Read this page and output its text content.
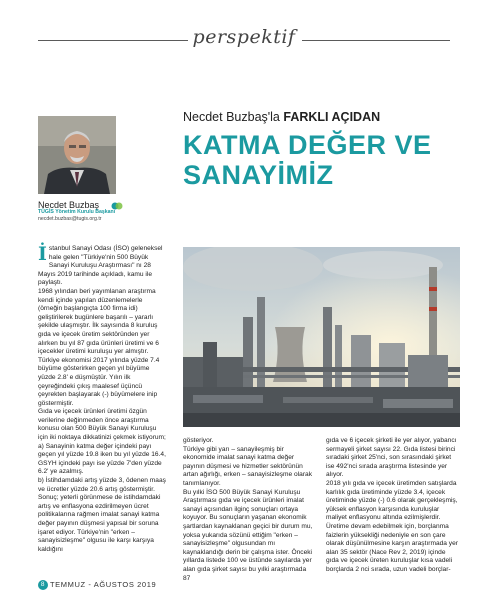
perspektif
Necdet Buzbaş
TÜGİS Yönetim Kurulu Başkanı
necdet.buzbas@tugis.org.tr
Necdet Buzbaş'la FARKLI AÇIDAN
KATMA DEĞER VE
SANAYİMİZ

İstanbul Sanayi Odası (İSO) geleneksel hale gelen "Türkiye'nin 500 Büyük Sanayi Kuruluşu Araştırması" nı 28 Mayıs 2019 tarihinde açıkladı, kamu ile paylaştı.

1968 yılından beri yayımlanan araştırma kendi içinde yapılan düzenlemelerle (örneğin başlangıçta 100 firma idi) geliştirilerek bugünlere başarılı – yararlı şekilde ulaşmıştır. İlk sayısında 8 kuruluş gıda ve içecek üretim sektöründen yer alırken bu yıl 87 gıda ürünleri üretimi ve 6 içecekler üretimi kuruluşu yer almıştır.

Türkiye ekonomisi 2017 yılında yüzde 7.4 büyüme gösterirken geçen yıl büyüme yüzde 2.8' e düşmüştür. Yılın ilk çeyreğindeki çıkış maalesef üçüncü çeyrekten başlayarak (-) büyümelere inip göstermiştir.

Gıda ve içecek ürünleri üretimi özgün verilerine değinmeden önce araştırma konusu olan 500 Büyük Sanayi Kuruluşu için iki noktaya dikkatinizi çekmek istiyorum;

a) Sanayinin katma değer içindeki payı geçen yıl yüzde 19.8 iken bu yıl yüzde 16.4, GSYH içindeki payı ise yüzde 7'den yüzde 6.2' ye azalmış.

b) İstihdamdaki artış yüzde 3, ödenen maaş ve ücretler yüzde 20.6 artış göstermiştir. Sonuç; yeterli görünmese de istihdamdaki artış ve enflasyona ezdirilmeyen ücret politikalarına rağmen imalat sanayi katma değer payının düşmesi yapısal bir soruna işaret ediyor. Türkiye'nin "erken – sanayisizleşme" olgusu ile karşı karşıya kaldığını

gösteriyor.

Türkiye gibi yarı – sanayileşmiş bir ekonomide imalat sanayi katma değer payının düşmesi ve hizmetler sektörünün artan ağırlığı, erken – sanayisizleşme olarak tanımlanıyor.

Bu yılki İSO 500 Büyük Sanayi Kuruluşu Araştırması gıda ve içecek ürünleri imalat sanayi açısından ilginç sonuçları ortaya koyuyor. Bu sonuçların yaşanan ekonomik şartlardan kaynaklanan geçici bir durum mu, yoksa yukarıda sözünü ettiğim "erken – sanayisizleşme" olgusundan mı kaynaklandığı derin bir çalışma ister. Önceki yıllarda listede 100 ve üstünde sayılarda yer alan gıda şirket sayısı bu yılki araştırmada 87

gıda ve 6 içecek şirketi ile yer alıyor, yabancı sermayeli şirket sayısı 22. Gıda listesi birinci sıradaki şirket 25'nci, son sırasındaki şirket ise 492'nci sırada araştırma listesinde yer alıyor.

2018 yılı gıda ve içecek üretimden satışlarda karlılık gıda üretiminde yüzde 3.4, içecek üretiminde yüzde (-) 0.6 olarak gerçekleşmiş, yüksek enflasyon karşısında kuruluşlar maliyet enflasyonu altında ezilmişlerdir. Üretime devam edebilmek için, borçlanma faizlerin yüksekliği nedeniyle en son çare olarak düşünülmesine karşın araştırmada yer alan 35 sektör (Nace Rev 2, 2019) içinde gıda ve içecek üreten kuruluşlar kısa vadeli borçlarda 2 nci sırada, uzun vadeli borçlar-

8 TEMMUZ - AĞUSTOS 2019
